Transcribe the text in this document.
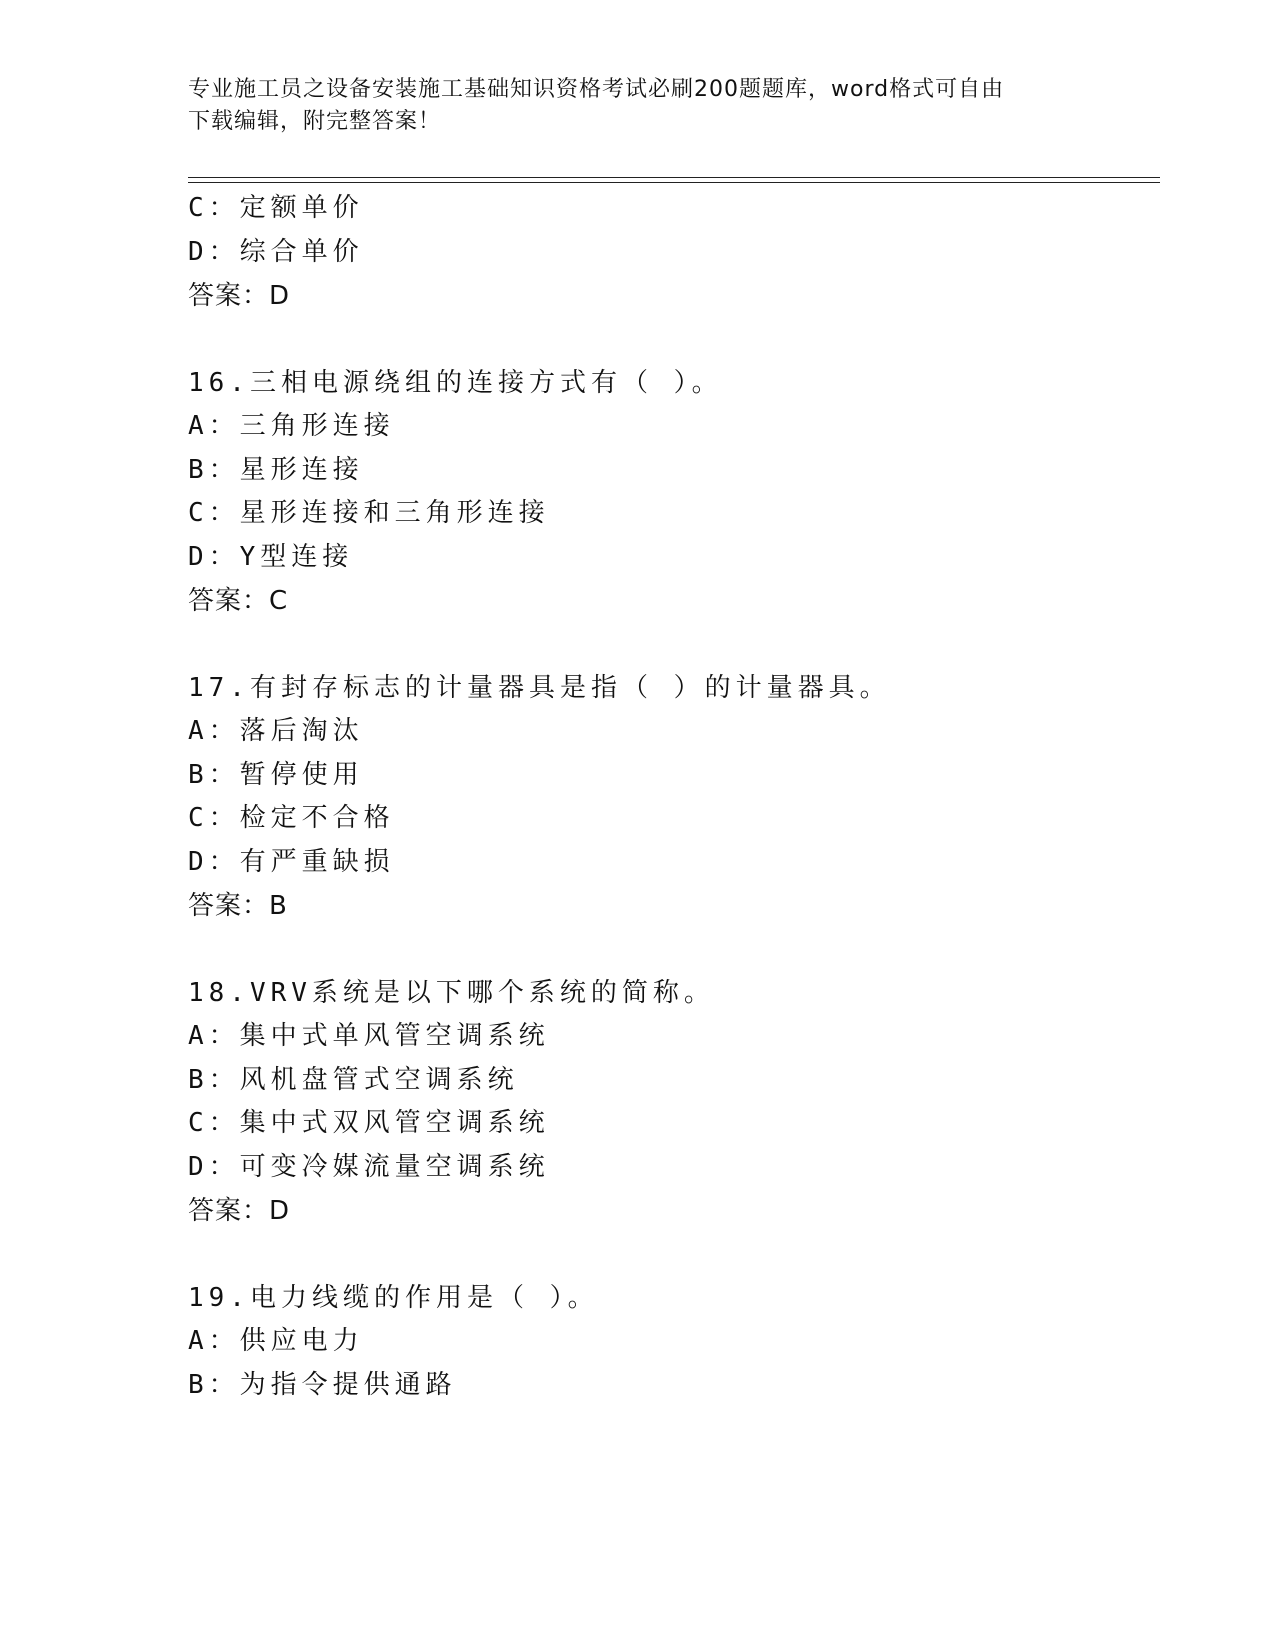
专业施工员之设备安装施工基础知识资格考试必刷200题题库，word格式可自由
下载编辑，附完整答案！
C：定额单价
D：综合单价
答案：D
16.三相电源绕组的连接方式有（ ）。
A：三角形连接
B：星形连接
C：星形连接和三角形连接
D：Y型连接
答案：C
17.有封存标志的计量器具是指（ ）的计量器具。
A：落后淘汰
B：暂停使用
C：检定不合格
D：有严重缺损
答案：B
18.VRV系统是以下哪个系统的简称。
A：集中式单风管空调系统
B：风机盘管式空调系统
C：集中式双风管空调系统
D：可变冷媒流量空调系统
答案：D
19.电力线缆的作用是（ ）。
A：供应电力
B：为指令提供通路
